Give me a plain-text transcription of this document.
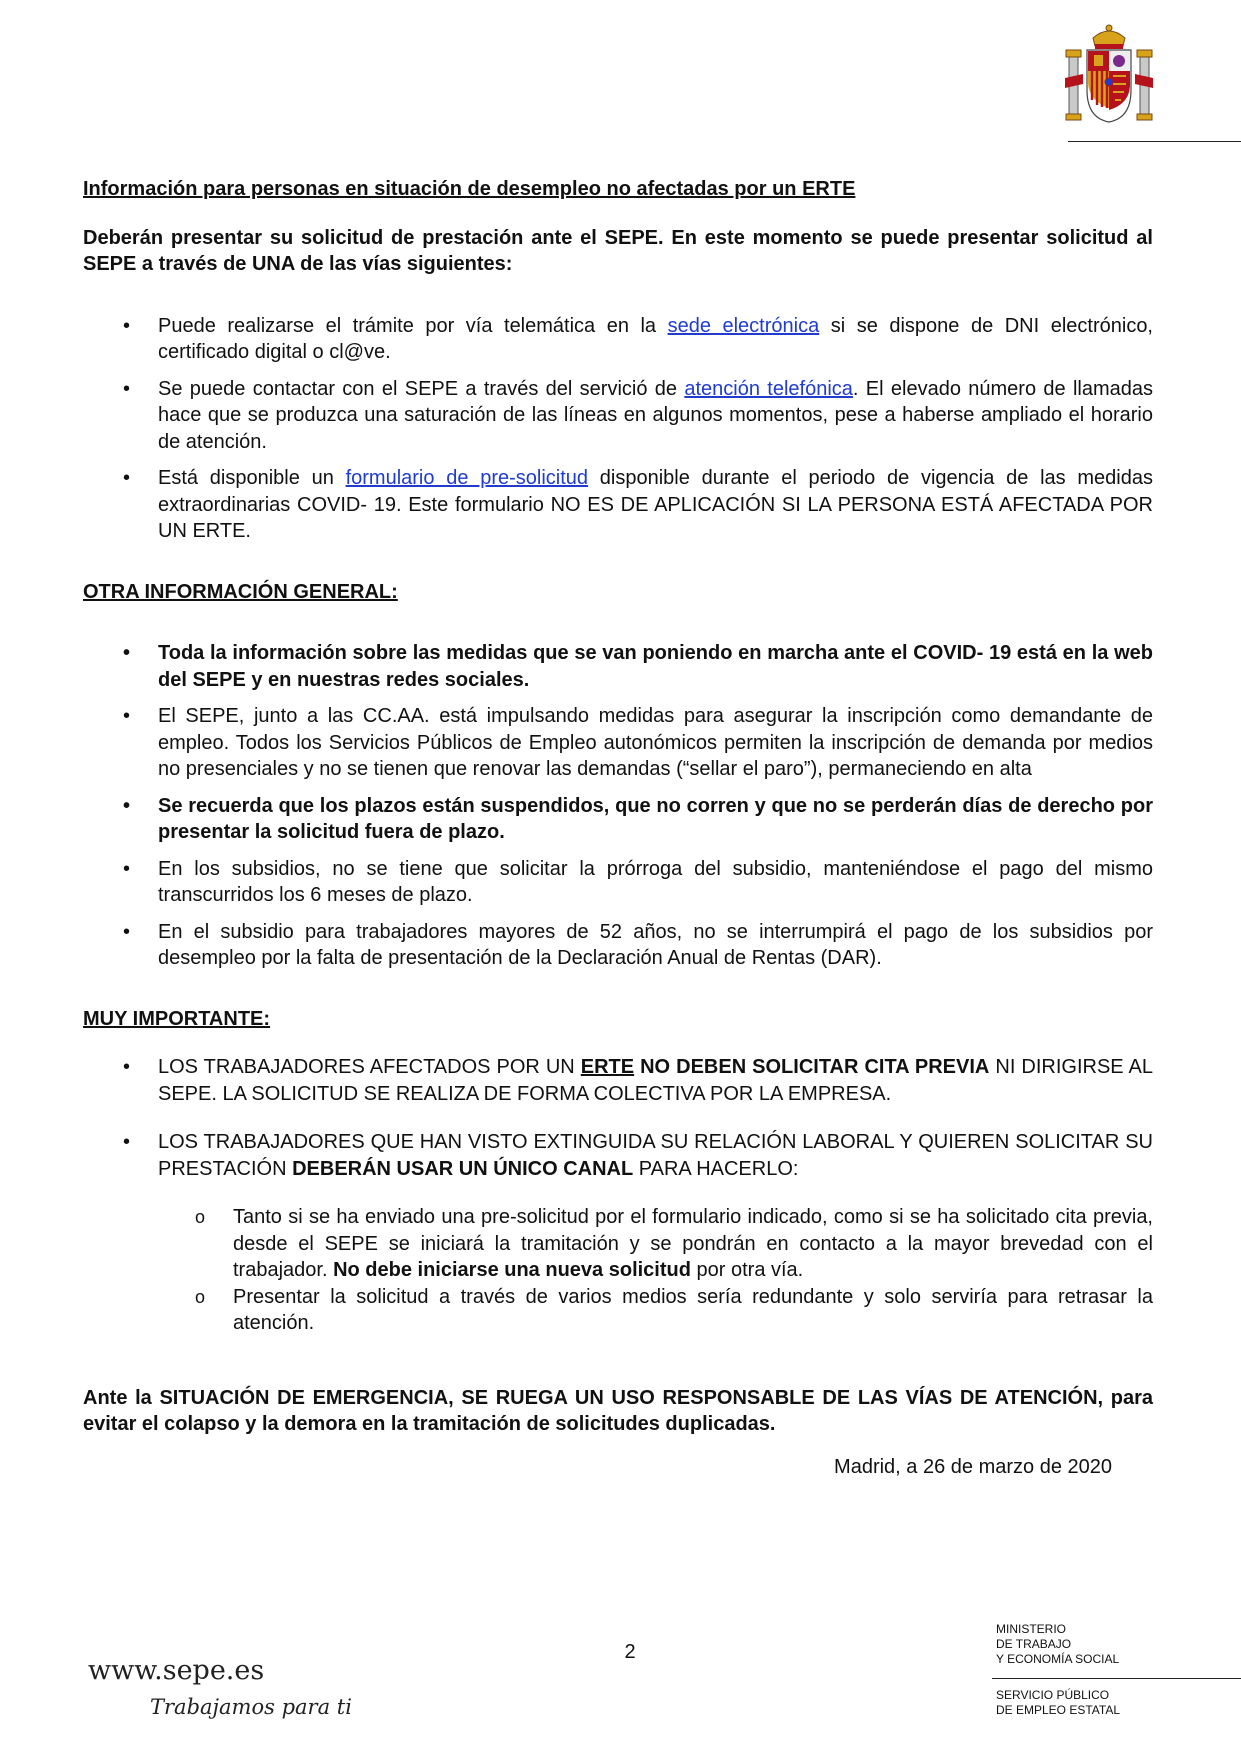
Información para personas en situación de desempleo no afectadas por un ERTE

Deberán presentar su solicitud de prestación ante el SEPE. En este momento se puede presentar solicitud al SEPE a través de UNA de las vías siguientes:

• Puede realizarse el trámite por vía telemática en la sede electrónica si se dispone de DNI electrónico, certificado digital o cl@ve.
• Se puede contactar con el SEPE a través del servició de atención telefónica. El elevado número de llamadas hace que se produzca una saturación de las líneas en algunos momentos, pese a haberse ampliado el horario de atención.
• Está disponible un formulario de pre-solicitud disponible durante el periodo de vigencia de las medidas extraordinarias COVID- 19. Este formulario NO ES DE APLICACIÓN SI LA PERSONA ESTÁ AFECTADA POR UN ERTE.

OTRA INFORMACIÓN GENERAL:

• Toda la información sobre las medidas que se van poniendo en marcha ante el COVID- 19 está en la web del SEPE y en nuestras redes sociales.
• El SEPE, junto a las CC.AA. está impulsando medidas para asegurar la inscripción como demandante de empleo. Todos los Servicios Públicos de Empleo autonómicos permiten la inscripción de demanda por medios no presenciales y no se tienen que renovar las demandas (“sellar el paro”), permaneciendo en alta
• Se recuerda que los plazos están suspendidos, que no corren y que no se perderán días de derecho por presentar la solicitud fuera de plazo.
• En los subsidios, no se tiene que solicitar la prórroga del subsidio, manteniéndose el pago del mismo transcurridos los 6 meses de plazo.
• En el subsidio para trabajadores mayores de 52 años, no se interrumpirá el pago de los subsidios por desempleo por la falta de presentación de la Declaración Anual de Rentas (DAR).

MUY IMPORTANTE:

• LOS TRABAJADORES AFECTADOS POR UN ERTE NO DEBEN SOLICITAR CITA PREVIA NI DIRIGIRSE AL SEPE. LA SOLICITUD SE REALIZA DE FORMA COLECTIVA POR LA EMPRESA.
• LOS TRABAJADORES QUE HAN VISTO EXTINGUIDA SU RELACIÓN LABORAL Y QUIEREN SOLICITAR SU PRESTACIÓN DEBERÁN USAR UN ÚNICO CANAL PARA HACERLO:
o Tanto si se ha enviado una pre-solicitud por el formulario indicado, como si se ha solicitado cita previa, desde el SEPE se iniciará la tramitación y se pondrán en contacto a la mayor brevedad con el trabajador. No debe iniciarse una nueva solicitud por otra vía.
o Presentar la solicitud a través de varios medios sería redundante y solo serviría para retrasar la atención.

Ante la SITUACIÓN DE EMERGENCIA, SE RUEGA UN USO RESPONSABLE DE LAS VÍAS DE ATENCIÓN, para evitar el colapso y la demora en la tramitación de solicitudes duplicadas.

Madrid, a 26 de marzo de 2020

2
www.sepe.es
Trabajamos para ti
MINISTERIO
DE TRABAJO
Y ECONOMÍA SOCIAL
SERVICIO PÚBLICO
DE EMPLEO ESTATAL
